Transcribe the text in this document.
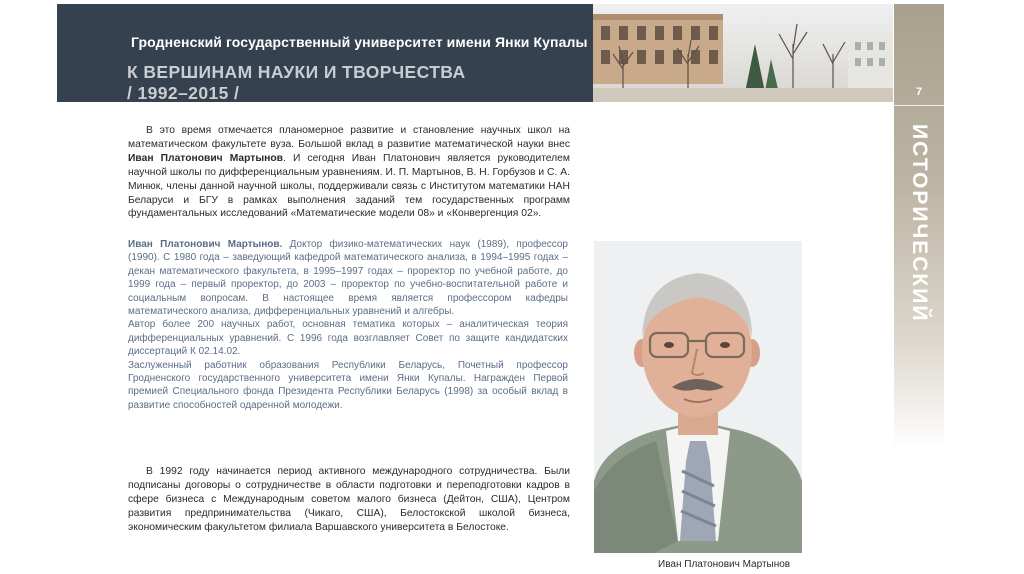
Гродненский государственный университет имени Янки Купалы
К ВЕРШИНАМ НАУКИ И ТВОРЧЕСТВА
/ 1992–2015 /	7
ИСТОРИЧЕСКИЙ ОЧЕРК
В это время отмечается планомерное развитие и становление научных школ на математическом факультете вуза. Большой вклад в развитие математической науки внес Иван Платонович Мартынов. И сегодня Иван Платонович является руководителем научной школы по дифференциальным уравнениям. И. П. Мартынов, В. Н. Горбузов и С. А. Минюк, члены данной научной школы, поддерживали связь с Институтом математики НАН Беларуси и БГУ в рамках выполнения заданий тем государственных программ фундаментальных исследований «Математические модели 08» и «Конвергенция 02».

Иван Платонович Мартынов. Доктор физико-математических наук (1989), профессор (1990). С 1980 года – заведующий кафедрой математического анализа, в 1994–1995 годах – декан математического факультета, в 1995–1997 годах – проректор по учебной работе, до 1999 года – первый проректор, до 2003 – проректор по учебно-воспитательной работе и социальным вопросам. В настоящее время является профессором кафедры математического анализа, дифференциальных уравнений и алгебры.

Автор более 200 научных работ, основная тематика которых – аналитическая теория дифференциальных уравнений. С 1996 года возглавляет Совет по защите кандидатских диссертаций К 02.14.02.

Заслуженный работник образования Республики Беларусь, Почетный профессор Гродненского государственного университета имени Янки Купалы. Награжден Первой премией Специального фонда Президента Республики Беларусь (1998) за особый вклад в развитие способностей одаренной молодежи.

В 1992 году начинается период активного международного сотрудничества. Были подписаны договоры о сотрудничестве в области подготовки и переподготовки кадров в сфере бизнеса с Международным советом малого бизнеса (Дейтон, США), Центром развития предпринимательства (Чикаго, США), Белостокской школой бизнеса, экономическим факультетом филиала Варшавского университета в Белостоке.
Иван Платонович Мартынов
